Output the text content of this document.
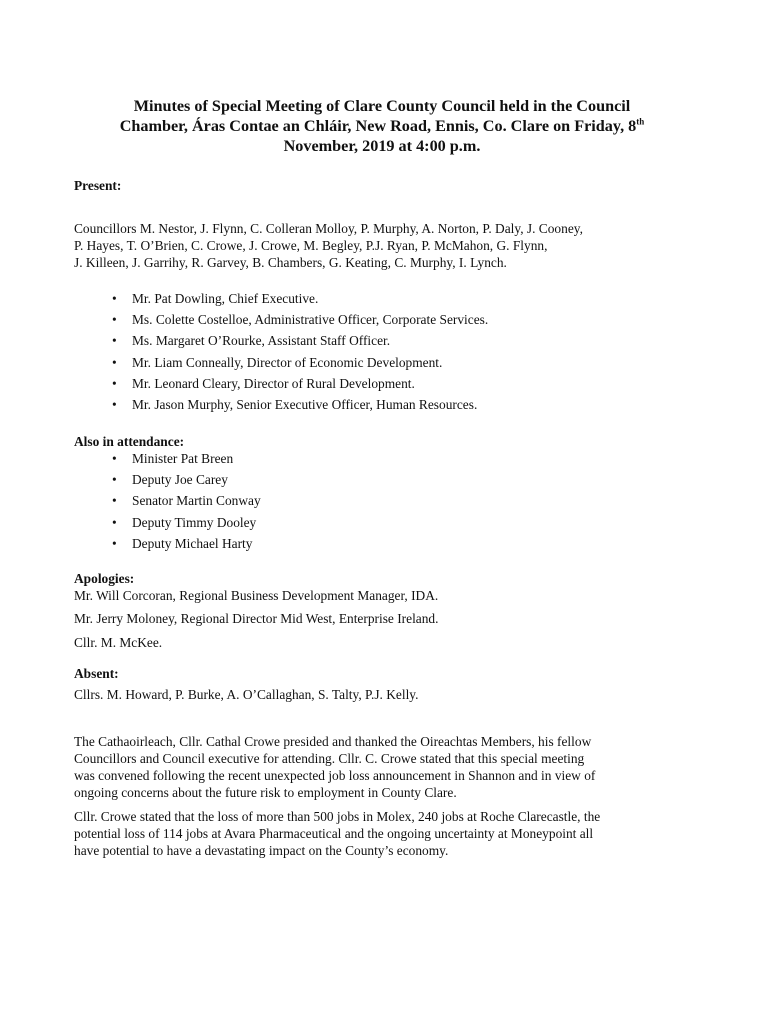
Minutes of Special Meeting of Clare County Council held in the Council
Chamber, Áras Contae an Chláir, New Road, Ennis, Co. Clare on Friday, 8th
November, 2019 at 4:00 p.m.

Present:

Councillors M. Nestor, J. Flynn, C. Colleran Molloy, P. Murphy, A. Norton, P. Daly, J. Cooney,
P. Hayes, T. O’Brien, C. Crowe, J. Crowe, M. Begley, P.J. Ryan, P. McMahon, G. Flynn,
J. Killeen, J. Garrihy, R. Garvey, B. Chambers, G. Keating, C. Murphy, I. Lynch.

• Mr. Pat Dowling, Chief Executive.
• Ms. Colette Costelloe, Administrative Officer, Corporate Services.
• Ms. Margaret O’Rourke, Assistant Staff Officer.
• Mr. Liam Conneally, Director of Economic Development.
• Mr. Leonard Cleary, Director of Rural Development.
• Mr. Jason Murphy, Senior Executive Officer, Human Resources.

Also in attendance:

• Minister Pat Breen
• Deputy Joe Carey
• Senator Martin Conway
• Deputy Timmy Dooley
• Deputy Michael Harty

Apologies:

Mr. Will Corcoran, Regional Business Development Manager, IDA.

Mr. Jerry Moloney, Regional Director Mid West, Enterprise Ireland.

Cllr. M. McKee.

Absent:

Cllrs. M. Howard, P. Burke, A. O’Callaghan, S. Talty, P.J. Kelly.

The Cathaoirleach, Cllr. Cathal Crowe presided and thanked the Oireachtas Members, his fellow
Councillors and Council executive for attending. Cllr. C. Crowe stated that this special meeting
was convened following the recent unexpected job loss announcement in Shannon and in view of
ongoing concerns about the future risk to employment in County Clare.

Cllr. Crowe stated that the loss of more than 500 jobs in Molex, 240 jobs at Roche Clarecastle, the
potential loss of 114 jobs at Avara Pharmaceutical and the ongoing uncertainty at Moneypoint all
have potential to have a devastating impact on the County’s economy.
